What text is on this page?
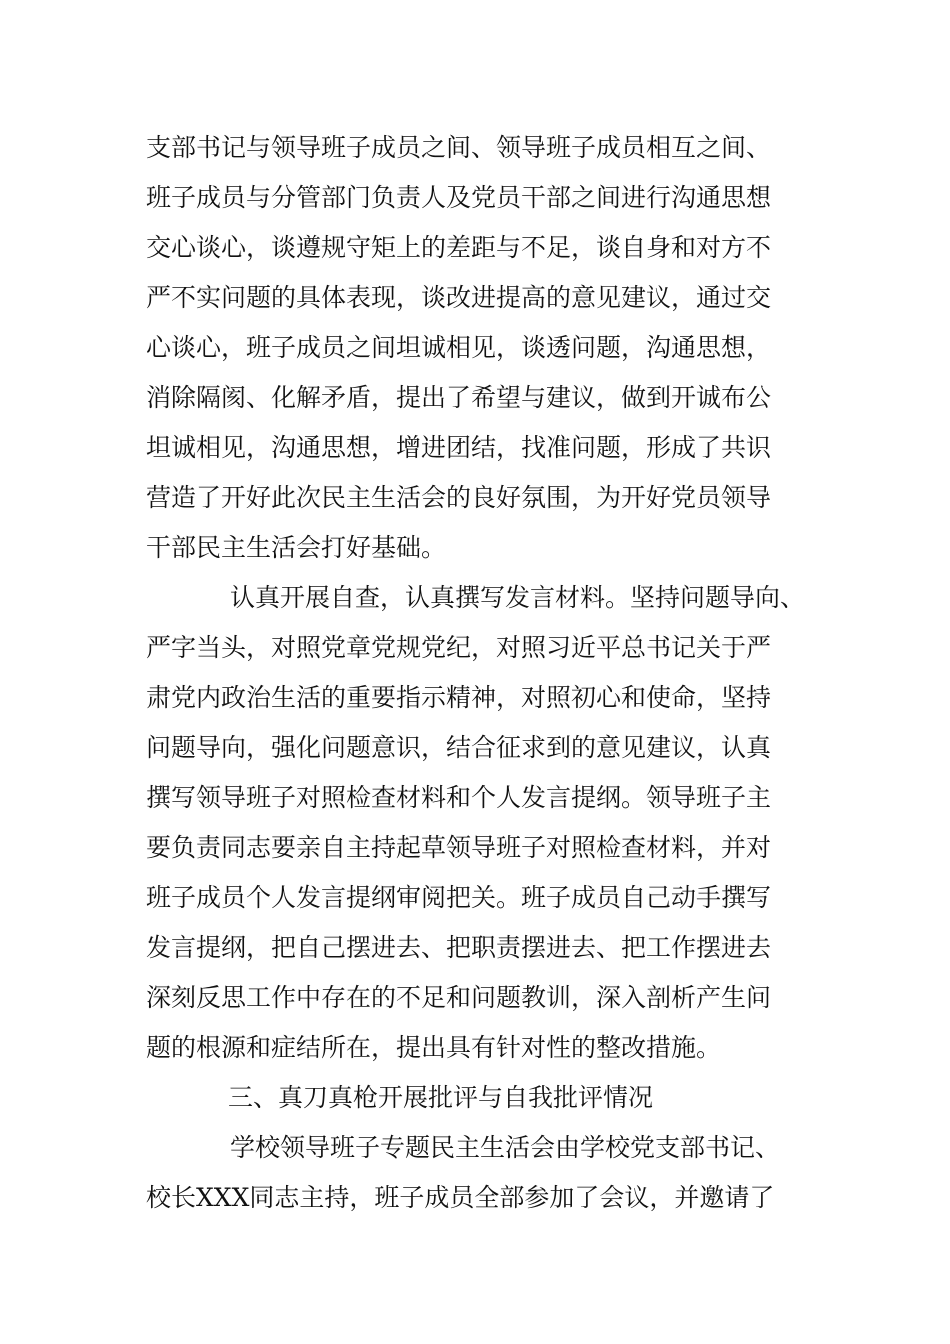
支部书记与领导班子成员之间、领导班子成员相互之间、
班子成员与分管部门负责人及党员干部之间进行沟通思想
交心谈心，谈遵规守矩上的差距与不足，谈自身和对方不
严不实问题的具体表现，谈改进提高的意见建议，通过交
心谈心，班子成员之间坦诚相见，谈透问题，沟通思想，
消除隔阂、化解矛盾，提出了希望与建议，做到开诚布公
坦诚相见，沟通思想，增进团结，找准问题，形成了共识
营造了开好此次民主生活会的良好氛围，为开好党员领导
干部民主生活会打好基础。
认真开展自查，认真撰写发言材料。坚持问题导向、
严字当头，对照党章党规党纪，对照习近平总书记关于严
肃党内政治生活的重要指示精神，对照初心和使命，坚持
问题导向，强化问题意识，结合征求到的意见建议，认真
撰写领导班子对照检查材料和个人发言提纲。领导班子主
要负责同志要亲自主持起草领导班子对照检查材料，并对
班子成员个人发言提纲审阅把关。班子成员自己动手撰写
发言提纲，把自己摆进去、把职责摆进去、把工作摆进去
深刻反思工作中存在的不足和问题教训，深入剖析产生问
题的根源和症结所在，提出具有针对性的整改措施。
三、真刀真枪开展批评与自我批评情况
学校领导班子专题民主生活会由学校党支部书记、
校长XXX同志主持，班子成员全部参加了会议，并邀请了
